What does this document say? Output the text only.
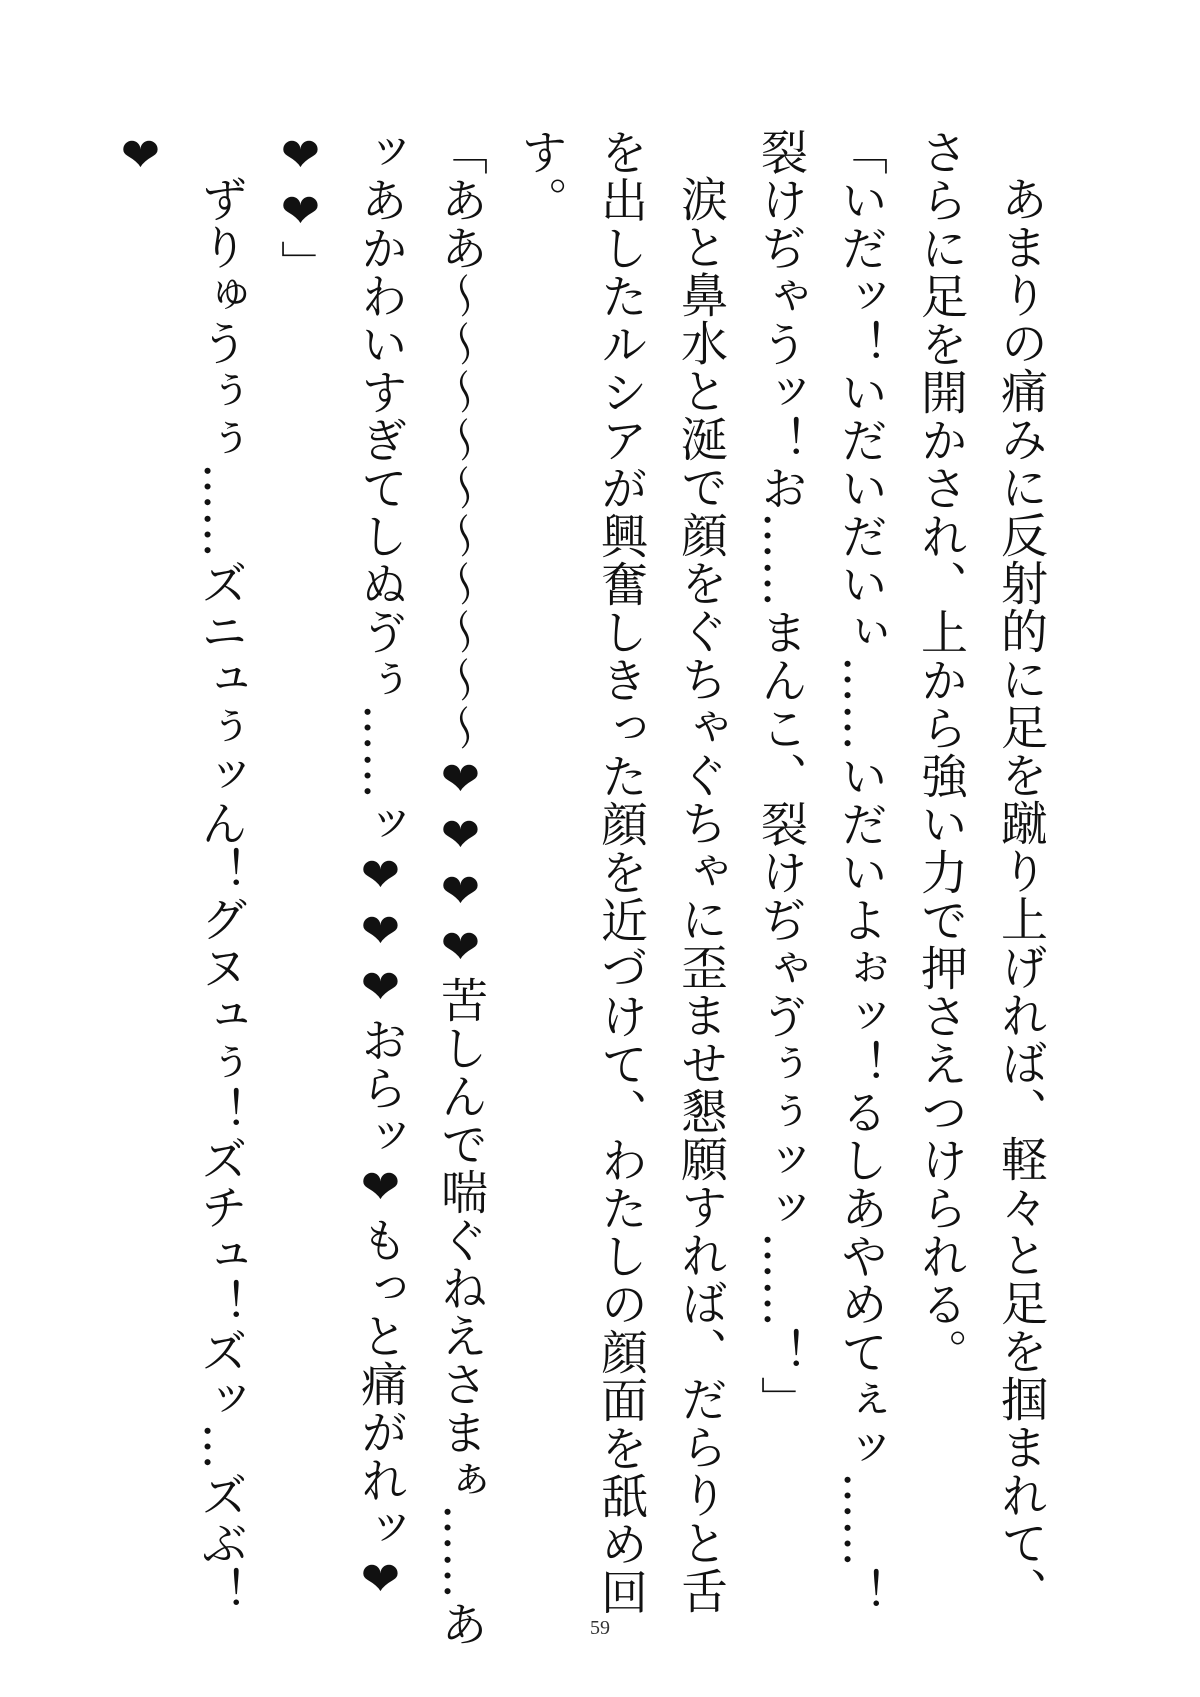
あまりの痛みに反射的に足を蹴り上げれば、軽々と足を掴まれて、さらに足を開かされ、上から強い力で押さえつけられる。

「いだッ！いだいだいぃ……いだいよぉッ！るしあやめてぇッ……！裂けぢゃうッ！お……まんこ、裂けぢゃゔぅぅッッ……！」

涙と鼻水と涎で顔をぐちゃぐちゃに歪ませ懇願すれば、だらりと舌を出したルシアが興奮しきった顔を近づけて、わたしの顔面を舐め回す。

「ああ〜〜〜〜〜〜〜〜〜〜❤❤❤❤苦しんで喘ぐねえさまぁ……あッあかわいすぎてしぬゔぅ……ッ❤❤❤おらッ❤もっと痛がれッ❤❤❤」

ずりゅうぅぅ……ズニュぅッん！グヌュぅ！ズチュ！ズッ…ズぶ！❤

59
